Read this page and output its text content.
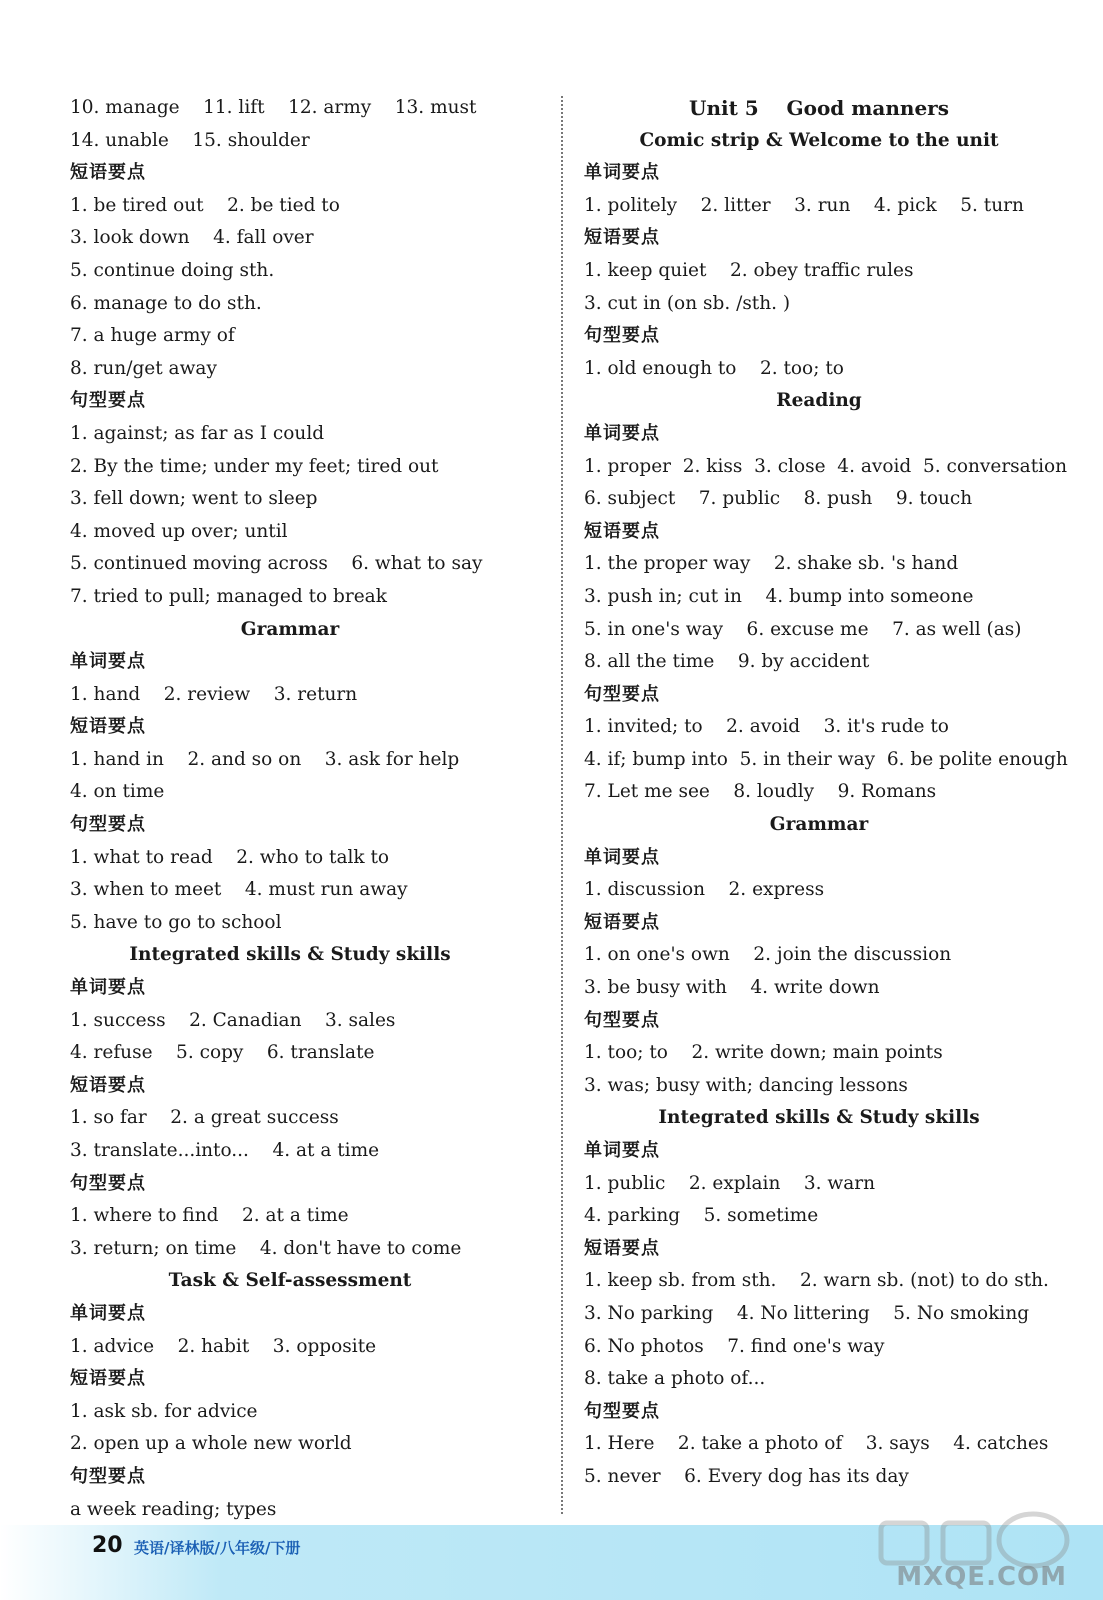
10. manage    11. lift    12. army    13. must
14. unable    15. shoulder
短语要点
1. be tired out    2. be tied to
3. look down    4. fall over
5. continue doing sth.
6. manage to do sth.
7. a huge army of
8. run/get away
句型要点
1. against; as far as I could
2. By the time; under my feet; tired out
3. fell down; went to sleep
4. moved up over; until
5. continued moving across    6. what to say
7. tried to pull; managed to break
Grammar
单词要点
1. hand    2. review    3. return
短语要点
1. hand in    2. and so on    3. ask for help
4. on time
句型要点
1. what to read    2. who to talk to
3. when to meet    4. must run away
5. have to go to school
Integrated skills & Study skills
单词要点
1. success    2. Canadian    3. sales
4. refuse    5. copy    6. translate
短语要点
1. so far    2. a great success
3. translate...into...    4. at a time
句型要点
1. where to find    2. at a time
3. return; on time    4. don't have to come
Task & Self-assessment
单词要点
1. advice    2. habit    3. opposite
短语要点
1. ask sb. for advice
2. open up a whole new world
句型要点
a week reading; types
Unit 5    Good manners
Comic strip & Welcome to the unit
单词要点
1. politely    2. litter    3. run    4. pick    5. turn
短语要点
1. keep quiet    2. obey traffic rules
3. cut in (on sb. /sth. )
句型要点
1. old enough to    2. too; to
Reading
单词要点
1. proper  2. kiss  3. close  4. avoid  5. conversation
6. subject    7. public    8. push    9. touch
短语要点
1. the proper way    2. shake sb. 's hand
3. push in; cut in    4. bump into someone
5. in one's way    6. excuse me    7. as well (as)
8. all the time    9. by accident
句型要点
1. invited; to    2. avoid    3. it's rude to
4. if; bump into  5. in their way  6. be polite enough
7. Let me see    8. loudly    9. Romans
Grammar
单词要点
1. discussion    2. express
短语要点
1. on one's own    2. join the discussion
3. be busy with    4. write down
句型要点
1. too; to    2. write down; main points
3. was; busy with; dancing lessons
Integrated skills & Study skills
单词要点
1. public    2. explain    3. warn
4. parking    5. sometime
短语要点
1. keep sb. from sth.    2. warn sb. (not) to do sth.
3. No parking    4. No littering    5. No smoking
6. No photos    7. find one's way
8. take a photo of...
句型要点
1. Here    2. take a photo of    3. says    4. catches
5. never    6. Every dog has its day
20 英语/译林版/八年级/下册
MXQE.COM
